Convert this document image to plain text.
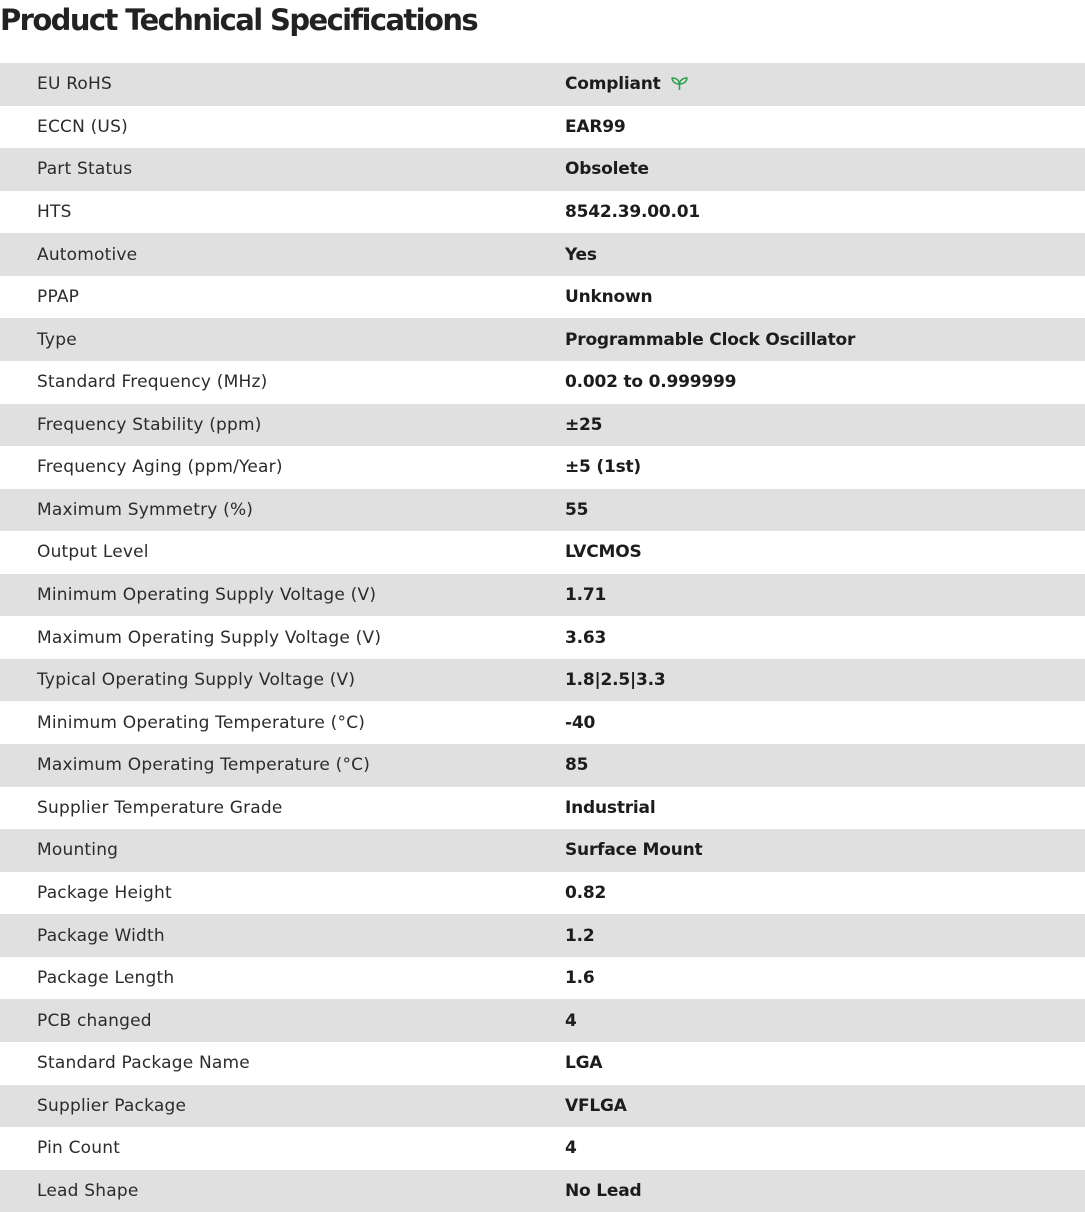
Product Technical Specifications
EU RoHS	Compliant
ECCN (US)	EAR99
Part Status	Obsolete
HTS	8542.39.00.01
Automotive	Yes
PPAP	Unknown
Type	Programmable Clock Oscillator
Standard Frequency (MHz)	0.002 to 0.999999
Frequency Stability (ppm)	±25
Frequency Aging (ppm/Year)	±5 (1st)
Maximum Symmetry (%)	55
Output Level	LVCMOS
Minimum Operating Supply Voltage (V)	1.71
Maximum Operating Supply Voltage (V)	3.63
Typical Operating Supply Voltage (V)	1.8|2.5|3.3
Minimum Operating Temperature (°C)	-40
Maximum Operating Temperature (°C)	85
Supplier Temperature Grade	Industrial
Mounting	Surface Mount
Package Height	0.82
Package Width	1.2
Package Length	1.6
PCB changed	4
Standard Package Name	LGA
Supplier Package	VFLGA
Pin Count	4
Lead Shape	No Lead
